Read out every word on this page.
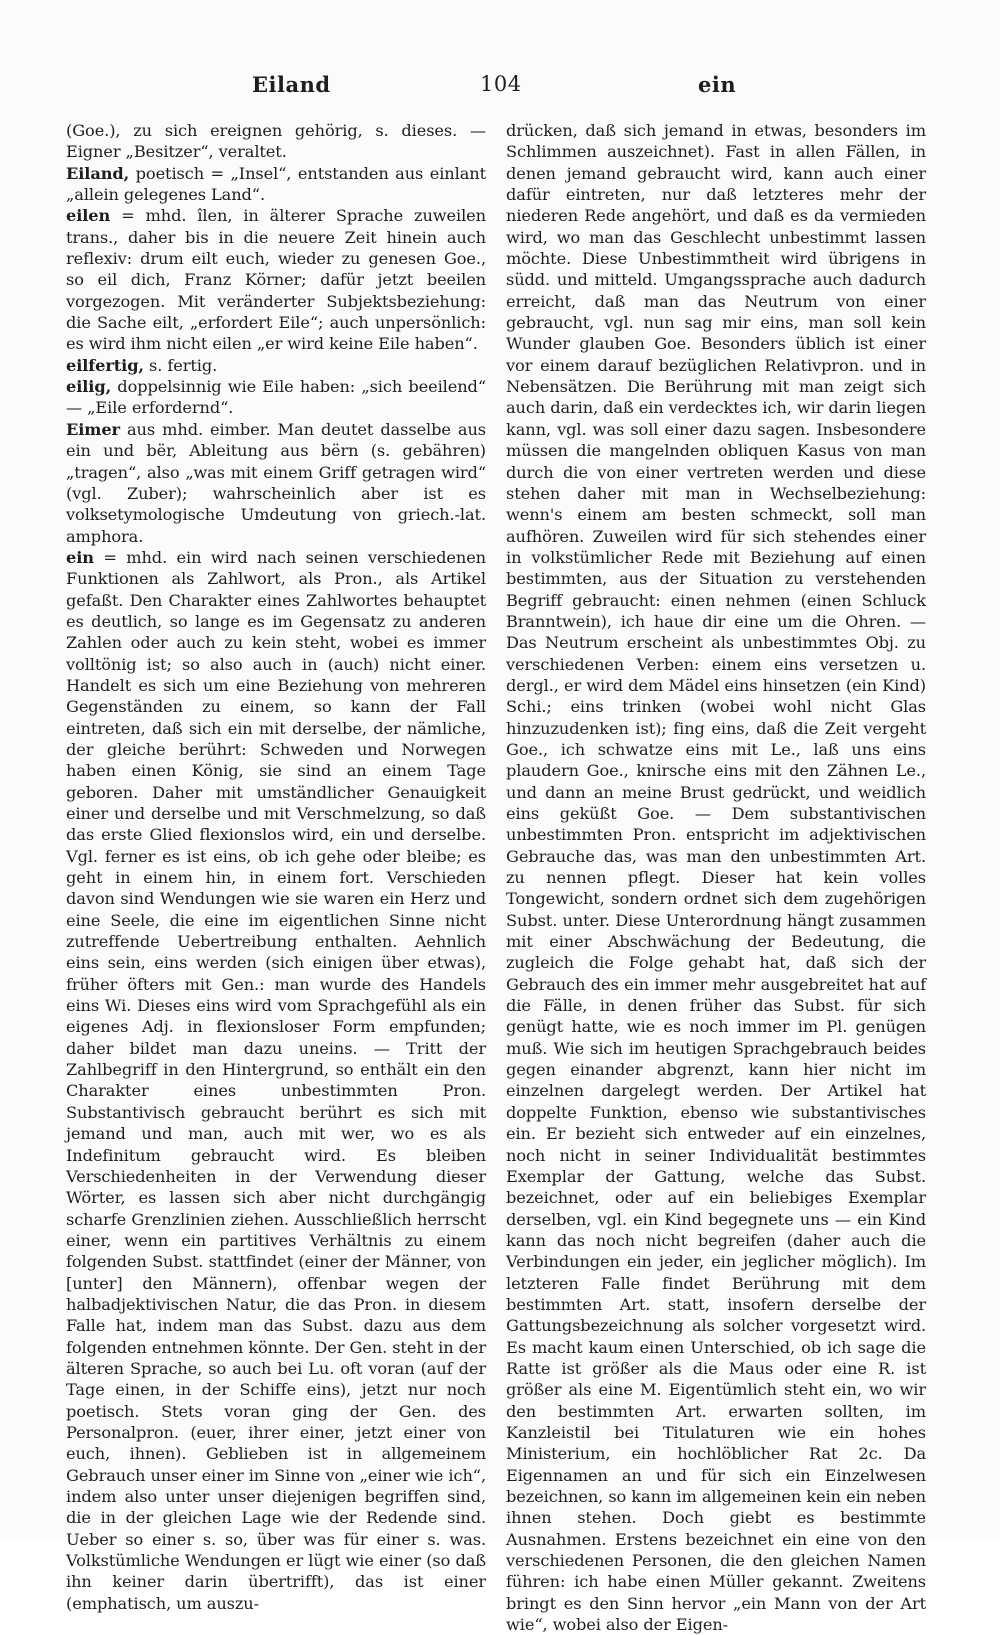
Eiland	104	ein

(Goe.), zu sich ereignen gehörig, s. dieses. — Eigner „Besitzer“, veraltet.

Eiland, poetisch = „Insel“, entstanden aus einlant „allein gelegenes Land“.

eilen = mhd. îlen, in älterer Sprache zuweilen trans., daher bis in die neuere Zeit hinein auch reflexiv: drum eilt euch, wieder zu genesen Goe., so eil dich, Franz Körner; dafür jetzt beeilen vorgezogen. Mit veränderter Subjektsbeziehung: die Sache eilt, „erfordert Eile“; auch unpersönlich: es wird ihm nicht eilen „er wird keine Eile haben“.

eilfertig, s. fertig.

eilig, doppelsinnig wie Eile haben: „sich beeilend“ — „Eile erfordernd“.

Eimer aus mhd. eimber. Man deutet dasselbe aus ein und bër, Ableitung aus bërn (s. gebähren) „tragen“, also „was mit einem Griff getragen wird“ (vgl. Zuber); wahrscheinlich aber ist es volksetymologische Umdeutung von griech.-lat. amphora.

ein = mhd. ein wird nach seinen verschiedenen Funktionen als Zahlwort, als Pron., als Artikel gefaßt. Den Charakter eines Zahlwortes behauptet es deutlich, so lange es im Gegensatz zu anderen Zahlen oder auch zu kein steht, wobei es immer volltönig ist; so also auch in (auch) nicht einer. Handelt es sich um eine Beziehung von mehreren Gegenständen zu einem, so kann der Fall eintreten, daß sich ein mit derselbe, der nämliche, der gleiche berührt: Schweden und Norwegen haben einen König, sie sind an einem Tage geboren. Daher mit umständlicher Genauigkeit einer und derselbe und mit Verschmelzung, so daß das erste Glied flexionslos wird, ein und derselbe. Vgl. ferner es ist eins, ob ich gehe oder bleibe; es geht in einem hin, in einem fort. Verschieden davon sind Wendungen wie sie waren ein Herz und eine Seele, die eine im eigentlichen Sinne nicht zutreffende Uebertreibung enthalten. Aehnlich eins sein, eins werden (sich einigen über etwas), früher öfters mit Gen.: man wurde des Handels eins Wi. Dieses eins wird vom Sprachgefühl als ein eigenes Adj. in flexionsloser Form empfunden; daher bildet man dazu uneins. — Tritt der Zahlbegriff in den Hintergrund, so enthält ein den Charakter eines unbestimmten Pron. Substantivisch gebraucht berührt es sich mit jemand und man, auch mit wer, wo es als Indefinitum gebraucht wird. Es bleiben Verschiedenheiten in der Verwendung dieser Wörter, es lassen sich aber nicht durchgängig scharfe Grenzlinien ziehen. Ausschließlich herrscht einer, wenn ein partitives Verhältnis zu einem folgenden Subst. stattfindet (einer der Männer, von [unter] den Männern), offenbar wegen der halbadjektivischen Natur, die das Pron. in diesem Falle hat, indem man das Subst. dazu aus dem folgenden entnehmen könnte. Der Gen. steht in der älteren Sprache, so auch bei Lu. oft voran (auf der Tage einen, in der Schiffe eins), jetzt nur noch poetisch. Stets voran ging der Gen. des Personalpron. (euer, ihrer einer, jetzt einer von euch, ihnen). Geblieben ist in allgemeinem Gebrauch unser einer im Sinne von „einer wie ich“, indem also unter unser diejenigen begriffen sind, die in der gleichen Lage wie der Redende sind. Ueber so einer s. so, über was für einer s. was. Volkstümliche Wendungen er lügt wie einer (so daß ihn keiner darin übertrifft), das ist einer (emphatisch, um auszu-

drücken, daß sich jemand in etwas, besonders im Schlimmen auszeichnet). Fast in allen Fällen, in denen jemand gebraucht wird, kann auch einer dafür eintreten, nur daß letzteres mehr der niederen Rede angehört, und daß es da vermieden wird, wo man das Geschlecht unbestimmt lassen möchte. Diese Unbestimmtheit wird übrigens in südd. und mitteld. Umgangssprache auch dadurch erreicht, daß man das Neutrum von einer gebraucht, vgl. nun sag mir eins, man soll kein Wunder glauben Goe. Besonders üblich ist einer vor einem darauf bezüglichen Relativpron. und in Nebensätzen. Die Berührung mit man zeigt sich auch darin, daß ein verdecktes ich, wir darin liegen kann, vgl. was soll einer dazu sagen. Insbesondere müssen die mangelnden obliquen Kasus von man durch die von einer vertreten werden und diese stehen daher mit man in Wechselbeziehung: wenn's einem am besten schmeckt, soll man aufhören. Zuweilen wird für sich stehendes einer in volkstümlicher Rede mit Beziehung auf einen bestimmten, aus der Situation zu verstehenden Begriff gebraucht: einen nehmen (einen Schluck Branntwein), ich haue dir eine um die Ohren. — Das Neutrum erscheint als unbestimmtes Obj. zu verschiedenen Verben: einem eins versetzen u. dergl., er wird dem Mädel eins hinsetzen (ein Kind) Schi.; eins trinken (wobei wohl nicht Glas hinzuzudenken ist); fing eins, daß die Zeit vergeht Goe., ich schwatze eins mit Le., laß uns eins plaudern Goe., knirsche eins mit den Zähnen Le., und dann an meine Brust gedrückt, und weidlich eins geküßt Goe. — Dem substantivischen unbestimmten Pron. entspricht im adjektivischen Gebrauche das, was man den unbestimmten Art. zu nennen pflegt. Dieser hat kein volles Tongewicht, sondern ordnet sich dem zugehörigen Subst. unter. Diese Unterordnung hängt zusammen mit einer Abschwächung der Bedeutung, die zugleich die Folge gehabt hat, daß sich der Gebrauch des ein immer mehr ausgebreitet hat auf die Fälle, in denen früher das Subst. für sich genügt hatte, wie es noch immer im Pl. genügen muß. Wie sich im heutigen Sprachgebrauch beides gegen einander abgrenzt, kann hier nicht im einzelnen dargelegt werden. Der Artikel hat doppelte Funktion, ebenso wie substantivisches ein. Er bezieht sich entweder auf ein einzelnes, noch nicht in seiner Individualität bestimmtes Exemplar der Gattung, welche das Subst. bezeichnet, oder auf ein beliebiges Exemplar derselben, vgl. ein Kind begegnete uns — ein Kind kann das noch nicht begreifen (daher auch die Verbindungen ein jeder, ein jeglicher möglich). Im letzteren Falle findet Berührung mit dem bestimmten Art. statt, insofern derselbe der Gattungsbezeichnung als solcher vorgesetzt wird. Es macht kaum einen Unterschied, ob ich sage die Ratte ist größer als die Maus oder eine R. ist größer als eine M. Eigentümlich steht ein, wo wir den bestimmten Art. erwarten sollten, im Kanzleistil bei Titulaturen wie ein hohes Ministerium, ein hochlöblicher Rat 2c. Da Eigennamen an und für sich ein Einzelwesen bezeichnen, so kann im allgemeinen kein ein neben ihnen stehen. Doch giebt es bestimmte Ausnahmen. Erstens bezeichnet ein eine von den verschiedenen Personen, die den gleichen Namen führen: ich habe einen Müller gekannt. Zweitens bringt es den Sinn hervor „ein Mann von der Art wie“, wobei also der Eigen-
